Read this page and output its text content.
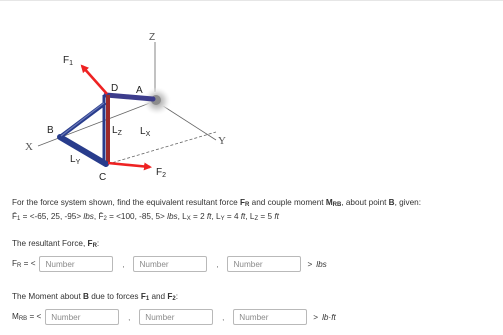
Z
X	Y
A
B
C
D
$F_1$
$F_2$
$L_Z$ $L_X$
$L_Y$

For the force system shown, find the equivalent resultant force FR and couple moment MRB, about point B, given:

F̄1 = <-65, 25, -95> lbs, F̄2 = <100, -85, 5> lbs, LX = 2 ft, LY = 4 ft, LZ = 5 ft

The resultant Force, FR:
FR = <
Number	,
Number	,
Number	> lbs
The Moment about B due to forces F1 and F2:
MRB = <
Number	,
Number	,
Number	> lb·ft
